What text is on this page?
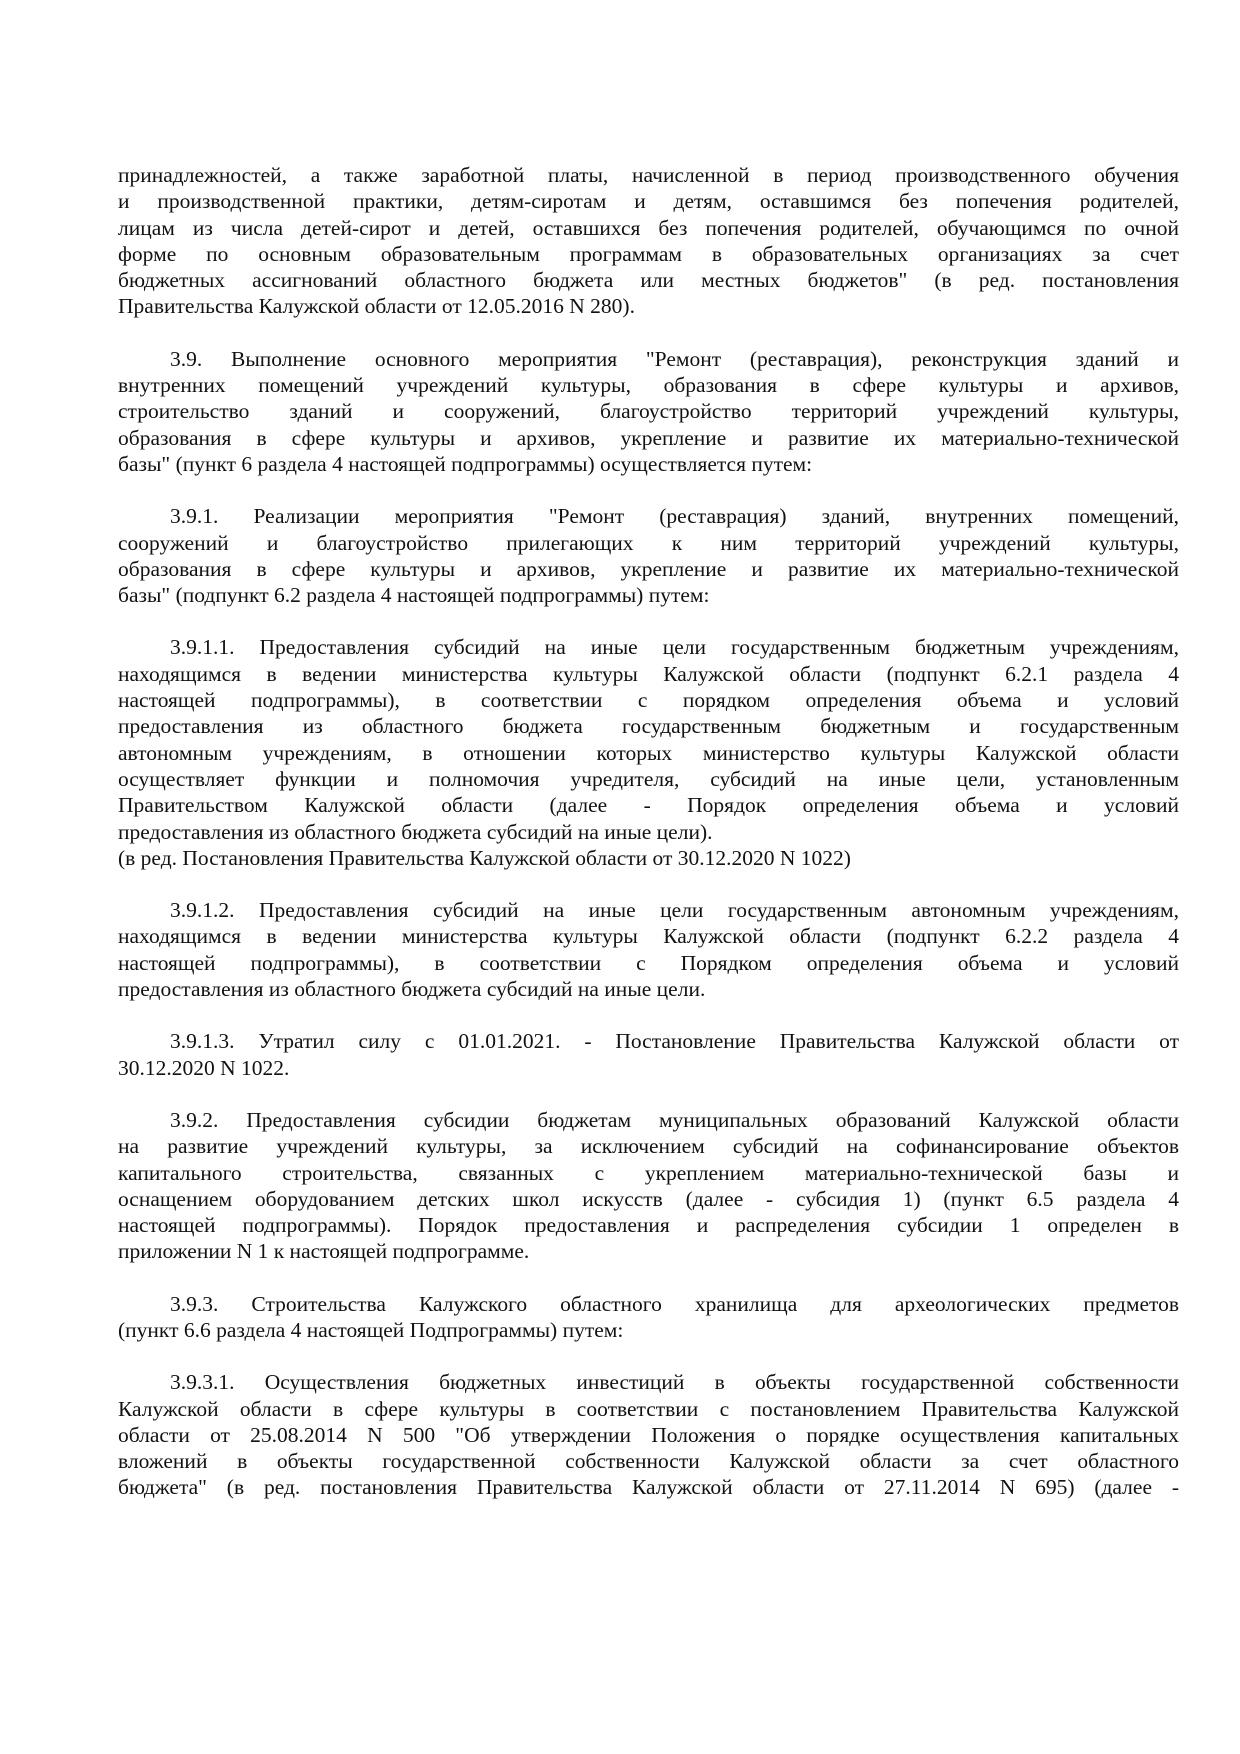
принадлежностей, а также заработной платы, начисленной в период производственного обучения
и производственной практики, детям-сиротам и детям, оставшимся без попечения родителей,
лицам из числа детей-сирот и детей, оставшихся без попечения родителей, обучающимся по очной
форме по основным образовательным программам в образовательных организациях за счет
бюджетных ассигнований областного бюджета или местных бюджетов" (в ред. постановления
Правительства Калужской области от 12.05.2016 N 280).
3.9. Выполнение основного мероприятия "Ремонт (реставрация), реконструкция зданий и
внутренних помещений учреждений культуры, образования в сфере культуры и архивов,
строительство зданий и сооружений, благоустройство территорий учреждений культуры,
образования в сфере культуры и архивов, укрепление и развитие их материально-технической
базы" (пункт 6 раздела 4 настоящей подпрограммы) осуществляется путем:
3.9.1. Реализации мероприятия "Ремонт (реставрация) зданий, внутренних помещений,
сооружений и благоустройство прилегающих к ним территорий учреждений культуры,
образования в сфере культуры и архивов, укрепление и развитие их материально-технической
базы" (подпункт 6.2 раздела 4 настоящей подпрограммы) путем:
3.9.1.1. Предоставления субсидий на иные цели государственным бюджетным учреждениям,
находящимся в ведении министерства культуры Калужской области (подпункт 6.2.1 раздела 4
настоящей подпрограммы), в соответствии с порядком определения объема и условий
предоставления из областного бюджета государственным бюджетным и государственным
автономным учреждениям, в отношении которых министерство культуры Калужской области
осуществляет функции и полномочия учредителя, субсидий на иные цели, установленным
Правительством Калужской области (далее - Порядок определения объема и условий
предоставления из областного бюджета субсидий на иные цели).
(в ред. Постановления Правительства Калужской области от 30.12.2020 N 1022)
3.9.1.2. Предоставления субсидий на иные цели государственным автономным учреждениям,
находящимся в ведении министерства культуры Калужской области (подпункт 6.2.2 раздела 4
настоящей подпрограммы), в соответствии с Порядком определения объема и условий
предоставления из областного бюджета субсидий на иные цели.
3.9.1.3. Утратил силу с 01.01.2021. - Постановление Правительства Калужской области от
30.12.2020 N 1022.
3.9.2. Предоставления субсидии бюджетам муниципальных образований Калужской области
на развитие учреждений культуры, за исключением субсидий на софинансирование объектов
капитального строительства, связанных с укреплением материально-технической базы и
оснащением оборудованием детских школ искусств (далее - субсидия 1) (пункт 6.5 раздела 4
настоящей подпрограммы). Порядок предоставления и распределения субсидии 1 определен в
приложении N 1 к настоящей подпрограмме.
3.9.3. Строительства Калужского областного хранилища для археологических предметов
(пункт 6.6 раздела 4 настоящей Подпрограммы) путем:
3.9.3.1. Осуществления бюджетных инвестиций в объекты государственной собственности
Калужской области в сфере культуры в соответствии с постановлением Правительства Калужской
области от 25.08.2014 N 500 "Об утверждении Положения о порядке осуществления капитальных
вложений в объекты государственной собственности Калужской области за счет областного
бюджета" (в ред. постановления Правительства Калужской области от 27.11.2014 N 695) (далее -
